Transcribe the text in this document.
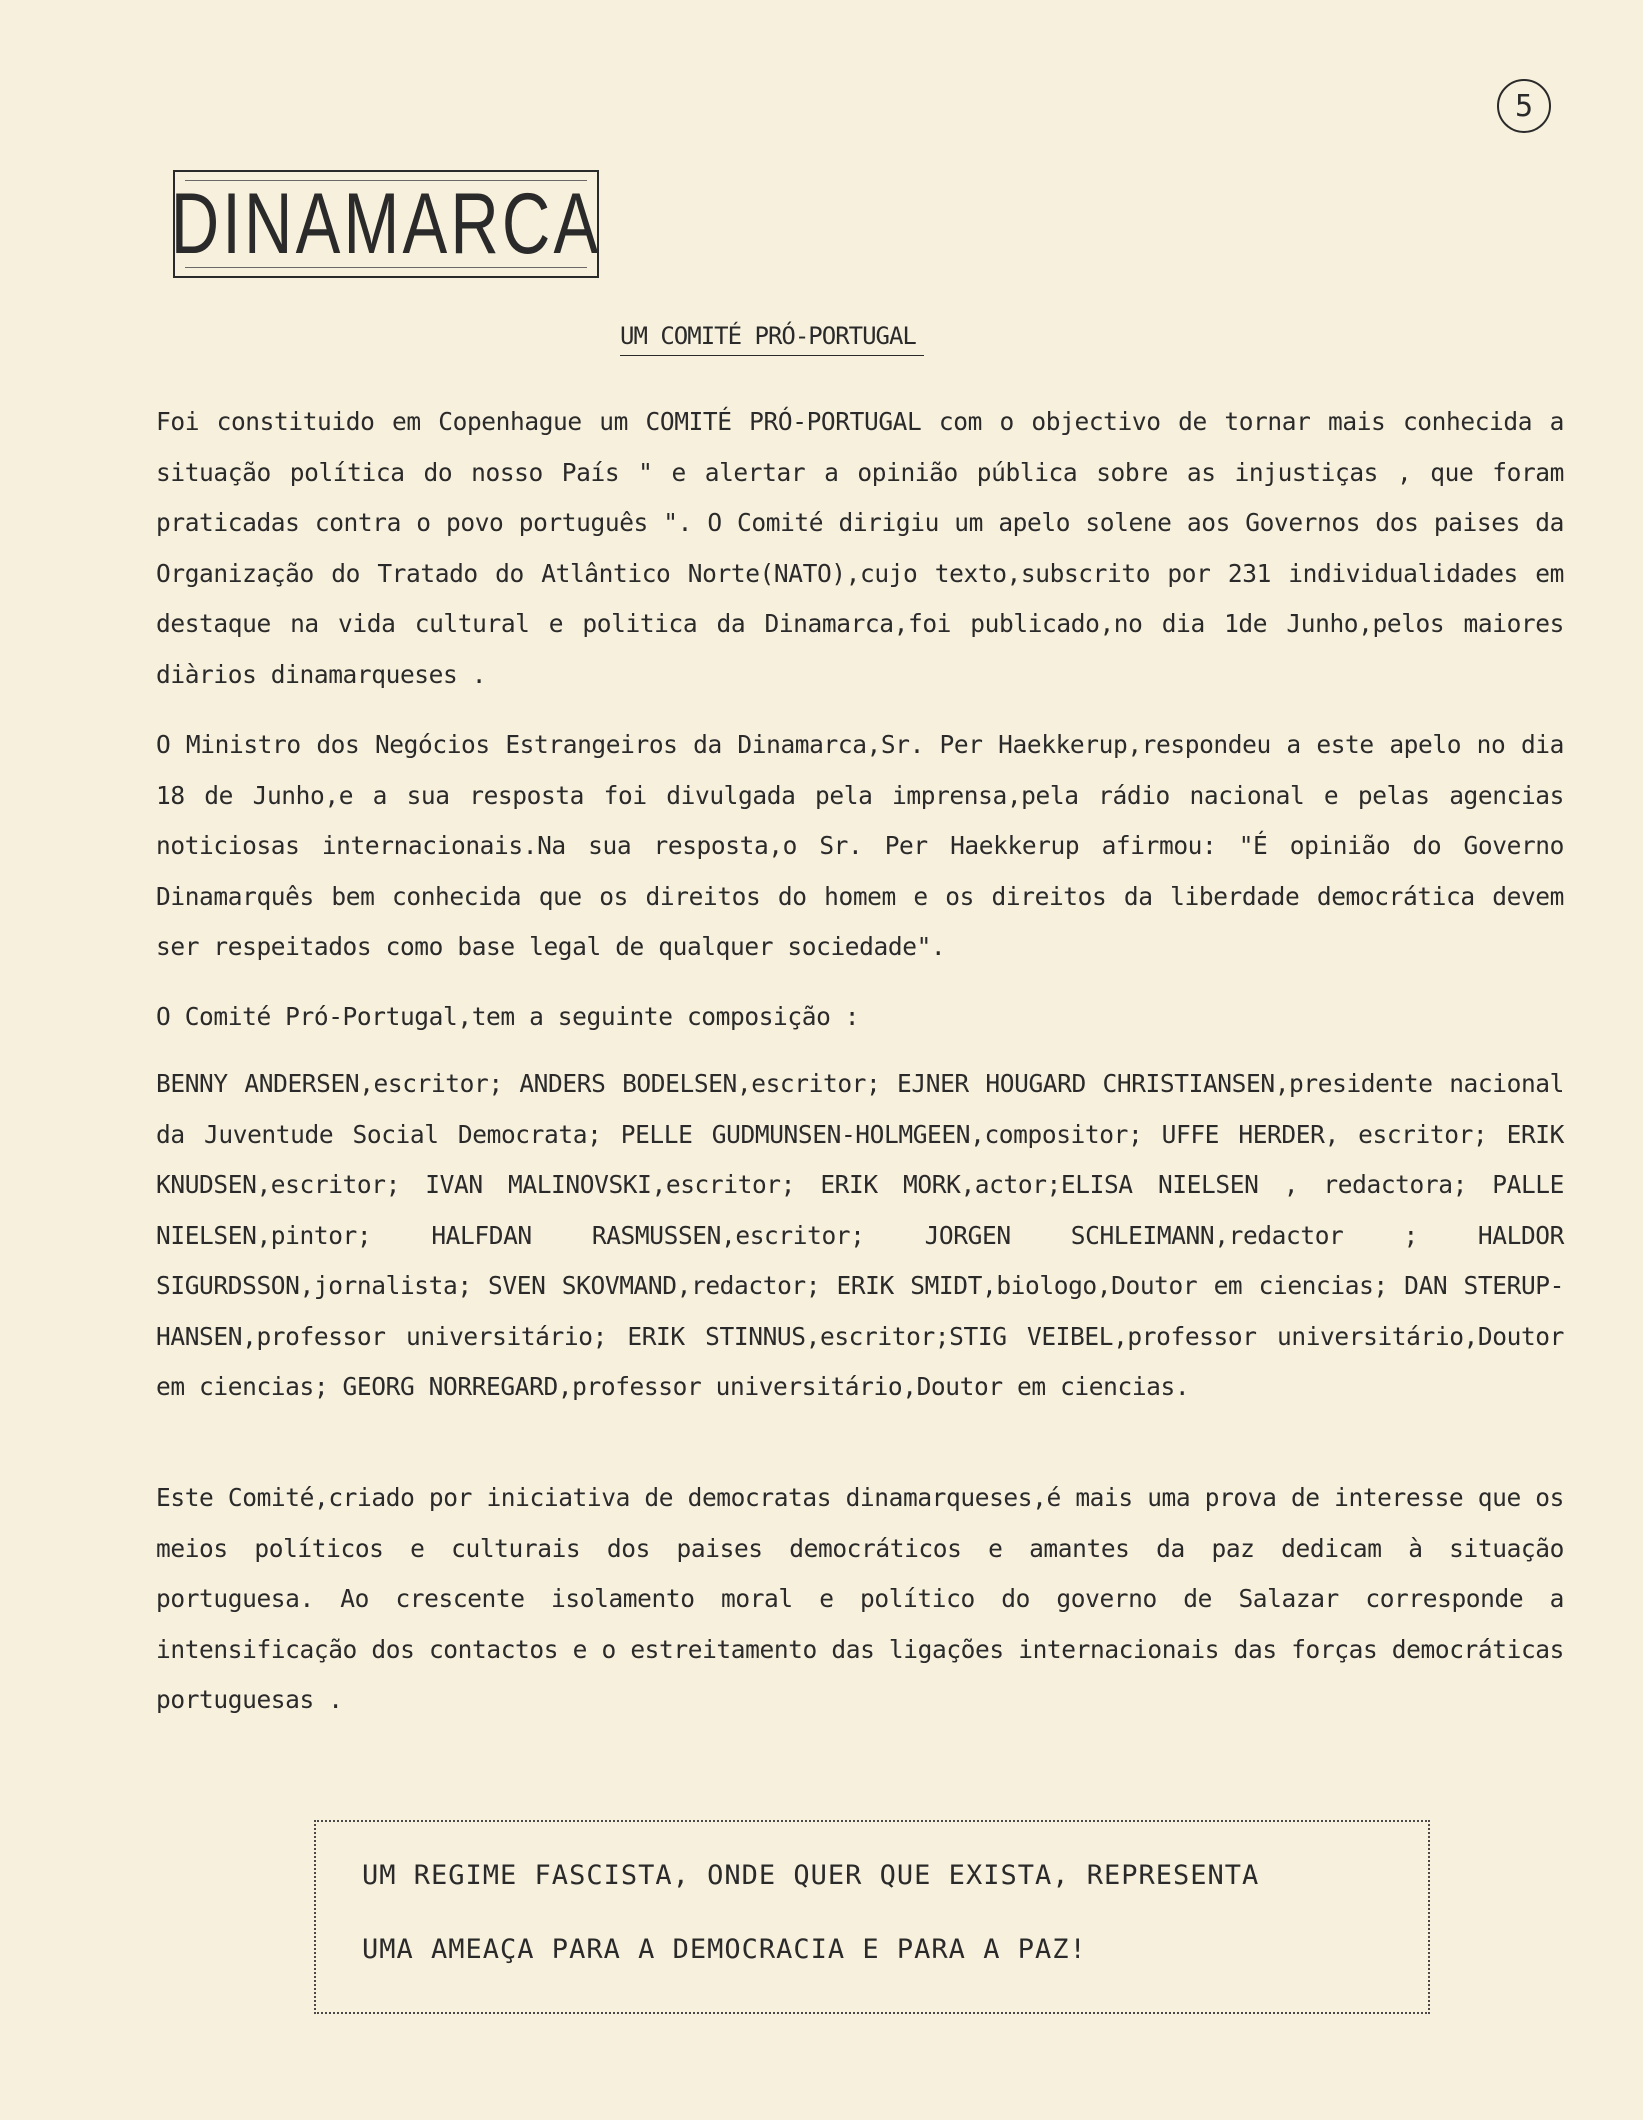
5
DINAMARCA
UM COMITÉ PRÓ-PORTUGAL

Foi constituido em Copenhague um COMITÉ PRÓ-PORTUGAL com o objectivo de tornar mais conhecida a situação política do nosso País " e alertar a opinião pública sobre as injustiças , que foram praticadas contra o povo português ". O Comité dirigiu um apelo solene aos Governos dos paises da Organização do Tratado do Atlântico Norte(NATO),cujo texto,subscrito por 231 individualidades em destaque na vida cultural e politica da Dinamarca,foi publicado,no dia 1de Junho,pelos maiores diàrios dinamarqueses .

O Ministro dos Negócios Estrangeiros da Dinamarca,Sr. Per Haekkerup,respondeu a este apelo no dia 18 de Junho,e a sua resposta foi divulgada pela imprensa,pela rádio nacional e pelas agencias noticiosas internacionais.Na sua resposta,o Sr. Per Haekkerup afirmou: "É opinião do Governo Dinamarquês bem conhecida que os direitos do homem e os direitos da liberdade democrática devem ser respeitados como base legal de qualquer sociedade".

O Comité Pró-Portugal,tem a seguinte composição :

BENNY ANDERSEN,escritor; ANDERS BODELSEN,escritor; EJNER HOUGARD CHRISTIANSEN,presidente nacional da Juventude Social Democrata; PELLE GUDMUNSEN-HOLMGEEN,compositor; UFFE HERDER, escritor; ERIK KNUDSEN,escritor; IVAN MALINOVSKI,escritor; ERIK MORK,actor;ELISA NIELSEN , redactora; PALLE NIELSEN,pintor; HALFDAN RASMUSSEN,escritor; JORGEN SCHLEIMANN,redactor ; HALDOR SIGURDSSON,jornalista; SVEN SKOVMAND,redactor; ERIK SMIDT,biologo,Doutor em ciencias; DAN STERUP-HANSEN,professor universitário; ERIK STINNUS,escritor;STIG VEIBEL,professor universitário,Doutor em ciencias; GEORG NORREGARD,professor universitário,Doutor em ciencias.

Este Comité,criado por iniciativa de democratas dinamarqueses,é mais uma prova de interesse que os meios políticos e culturais dos paises democráticos e amantes da paz dedicam à situação portuguesa. Ao crescente isolamento moral e político do governo de Salazar corresponde a intensificação dos contactos e o estreitamento das ligações internacionais das forças democráticas portuguesas .

UM REGIME FASCISTA, ONDE QUER QUE EXISTA, REPRESENTA
UMA AMEAÇA PARA A DEMOCRACIA E PARA A PAZ!
